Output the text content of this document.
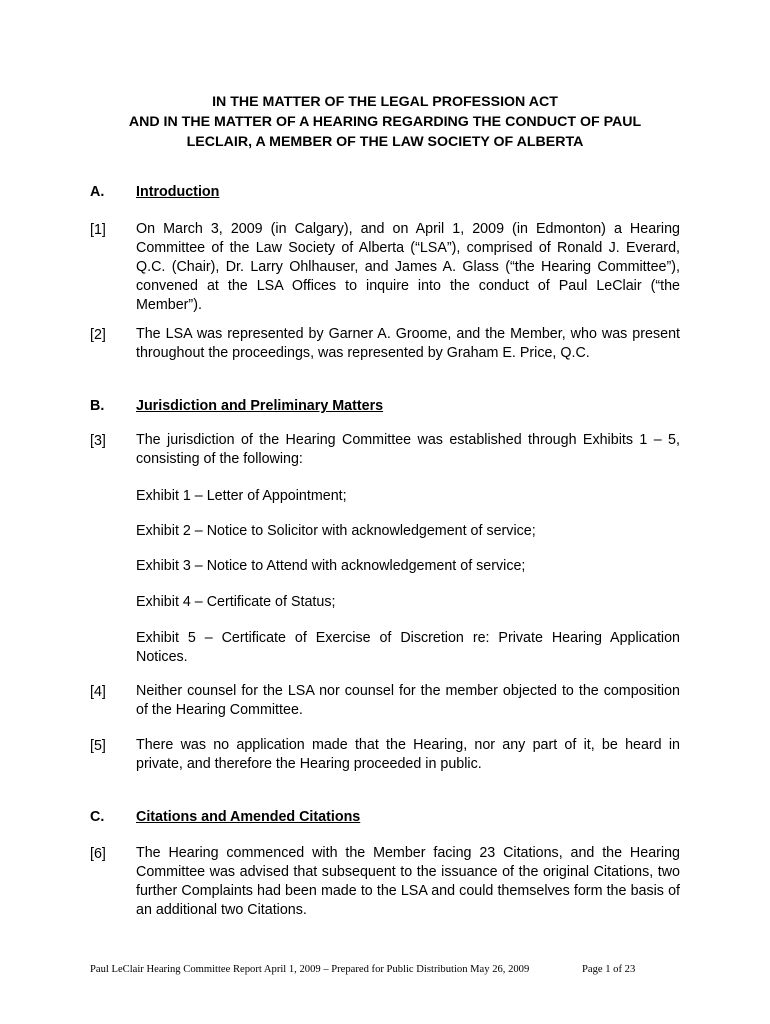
IN THE MATTER OF THE LEGAL PROFESSION ACT
AND IN THE MATTER OF A HEARING REGARDING THE CONDUCT OF PAUL
LECLAIR, A MEMBER OF THE LAW SOCIETY OF ALBERTA
A. Introduction
[1] On March 3, 2009 (in Calgary), and on April 1, 2009 (in Edmonton) a Hearing Committee of the Law Society of Alberta (“LSA”), comprised of Ronald J. Everard, Q.C. (Chair), Dr. Larry Ohlhauser, and James A. Glass (“the Hearing Committee”), convened at the LSA Offices to inquire into the conduct of Paul LeClair (“the Member”).
[2] The LSA was represented by Garner A. Groome, and the Member, who was present throughout the proceedings, was represented by Graham E. Price, Q.C.
B. Jurisdiction and Preliminary Matters
[3] The jurisdiction of the Hearing Committee was established through Exhibits 1 – 5, consisting of the following:
Exhibit 1 – Letter of Appointment;
Exhibit 2 – Notice to Solicitor with acknowledgement of service;
Exhibit 3 – Notice to Attend with acknowledgement of service;
Exhibit 4 – Certificate of Status;
Exhibit 5 – Certificate of Exercise of Discretion re: Private Hearing Application Notices.
[4] Neither counsel for the LSA nor counsel for the member objected to the composition of the Hearing Committee.
[5] There was no application made that the Hearing, nor any part of it, be heard in private, and therefore the Hearing proceeded in public.
C. Citations and Amended Citations
[6] The Hearing commenced with the Member facing 23 Citations, and the Hearing Committee was advised that subsequent to the issuance of the original Citations, two further Complaints had been made to the LSA and could themselves form the basis of an additional two Citations.
Paul LeClair Hearing Committee Report April 1, 2009 – Prepared for Public Distribution May 26, 2009	Page 1 of 23
